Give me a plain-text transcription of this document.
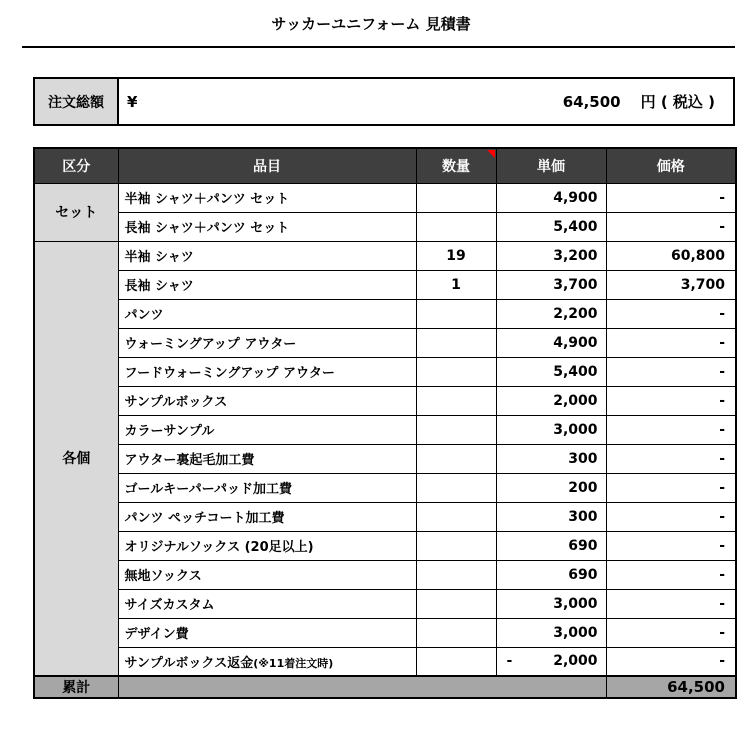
サッカーユニフォーム 見積書
注文総額	¥	64,500 円 ( 税込 )
区分	品目	数量	単価	価格
セット	半袖 シャツ＋パンツ セット		4,900	-
	長袖 シャツ＋パンツ セット		5,400	-
各個	半袖 シャツ	19	3,200	60,800
	長袖 シャツ	1	3,700	3,700
	パンツ		2,200	-
	ウォーミングアップ アウター		4,900	-
	フードウォーミングアップ アウター		5,400	-
	サンプルボックス		2,000	-
	カラーサンプル		3,000	-
	アウター裏起毛加工費		300	-
	ゴールキーパーパッド加工費		200	-
	パンツ ペッチコート加工費		300	-
	オリジナルソックス (20足以上)		690	-
	無地ソックス		690	-
	サイズカスタム		3,000	-
	デザイン費		3,000	-
	サンプルボックス返金(※11着注文時)		- 2,000	-
累計				64,500
